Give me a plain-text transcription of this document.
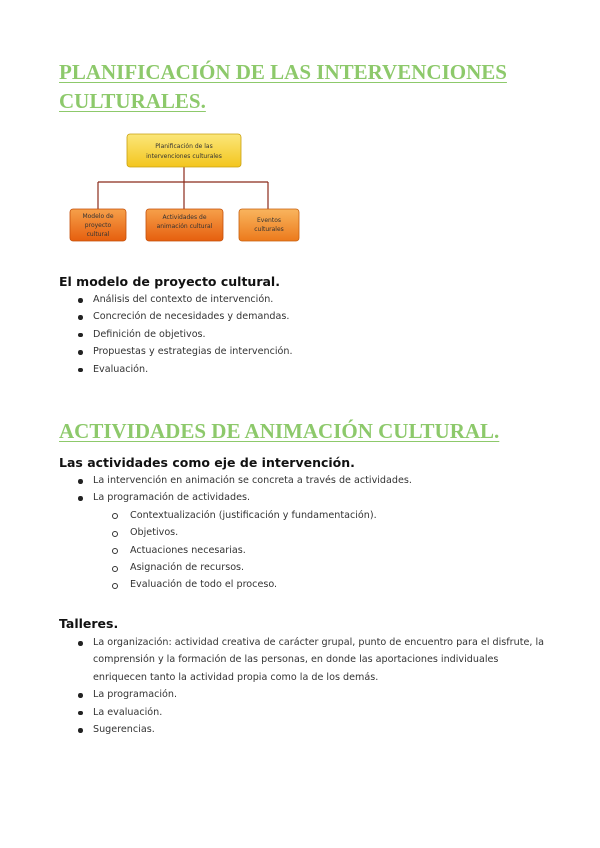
PLANIFICACIÓN DE LAS INTERVENCIONES CULTURALES.
Planificación de las
intervenciones culturales
Modelo de
proyecto
cultural
Actividades de
animación cultural
Eventos
culturales
El modelo de proyecto cultural.
Análisis del contexto de intervención.
Concreción de necesidades y demandas.
Definición de objetivos.
Propuestas y estrategias de intervención.
Evaluación.
ACTIVIDADES DE ANIMACIÓN CULTURAL.
Las actividades como eje de intervención.
La intervención en animación se concreta a través de actividades.
La programación de actividades.
Contextualización (justificación y fundamentación).
Objetivos.
Actuaciones necesarias.
Asignación de recursos.
Evaluación de todo el proceso.
Talleres.
La organización: actividad creativa de carácter grupal, punto de encuentro para el disfrute, la comprensión y la formación de las personas, en donde las aportaciones individuales enriquecen tanto la actividad propia como la de los demás.
La programación.
La evaluación.
Sugerencias.
